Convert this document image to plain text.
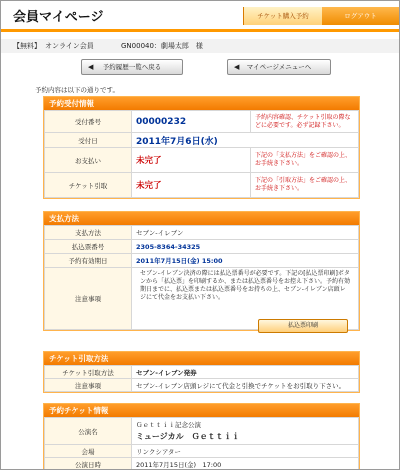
会員マイページ	チケット購入予約	ログアウト
【無料】 オンライン会員	GN00040：劇場太郎　様
◀ 予約履歴一覧へ戻る	◀ マイページメニューへ
予約内容は以下の通りです。
予約受付情報
受付番号	00000232	予約内容確認、チケット引取の際などに必要です。必ず記録下さい。
受付日	2011年7月6日(水)	
お支払い	未完了	下記の「支払方法」をご確認の上、お手続き下さい。
チケット引取	未完了	下記の「引取方法」をご確認の上、お手続き下さい。
支払方法
支払方法	セブン-イレブン
払込票番号	2305-8364-34325
予約有効期日	2011年7月15日(金) 15:00
注意事項	セブン-イレブン決済の際には払込票番号が必要です。下記の[払込票印刷]ボタンから「払込票」を印刷するか、または払込票番号をお控え下さい。予約有効期日までに、払込票または払込票番号をお持ちの上、セブン-イレブン店頭レジにて代金をお支払い下さい。
払込票印刷
チケット引取方法
チケット引取方法	セブン-イレブン発券
注意事項	セブン-イレブン店頭レジにて代金と引換でチケットをお引取り下さい。
予約チケット情報
公演名	Ｇｅｔｔｉｉ記念公演
ミュージカル　Ｇｅｔｔｉｉ

会場	リンクシアター
公演日時	2011年7月15日(金)　17:00
